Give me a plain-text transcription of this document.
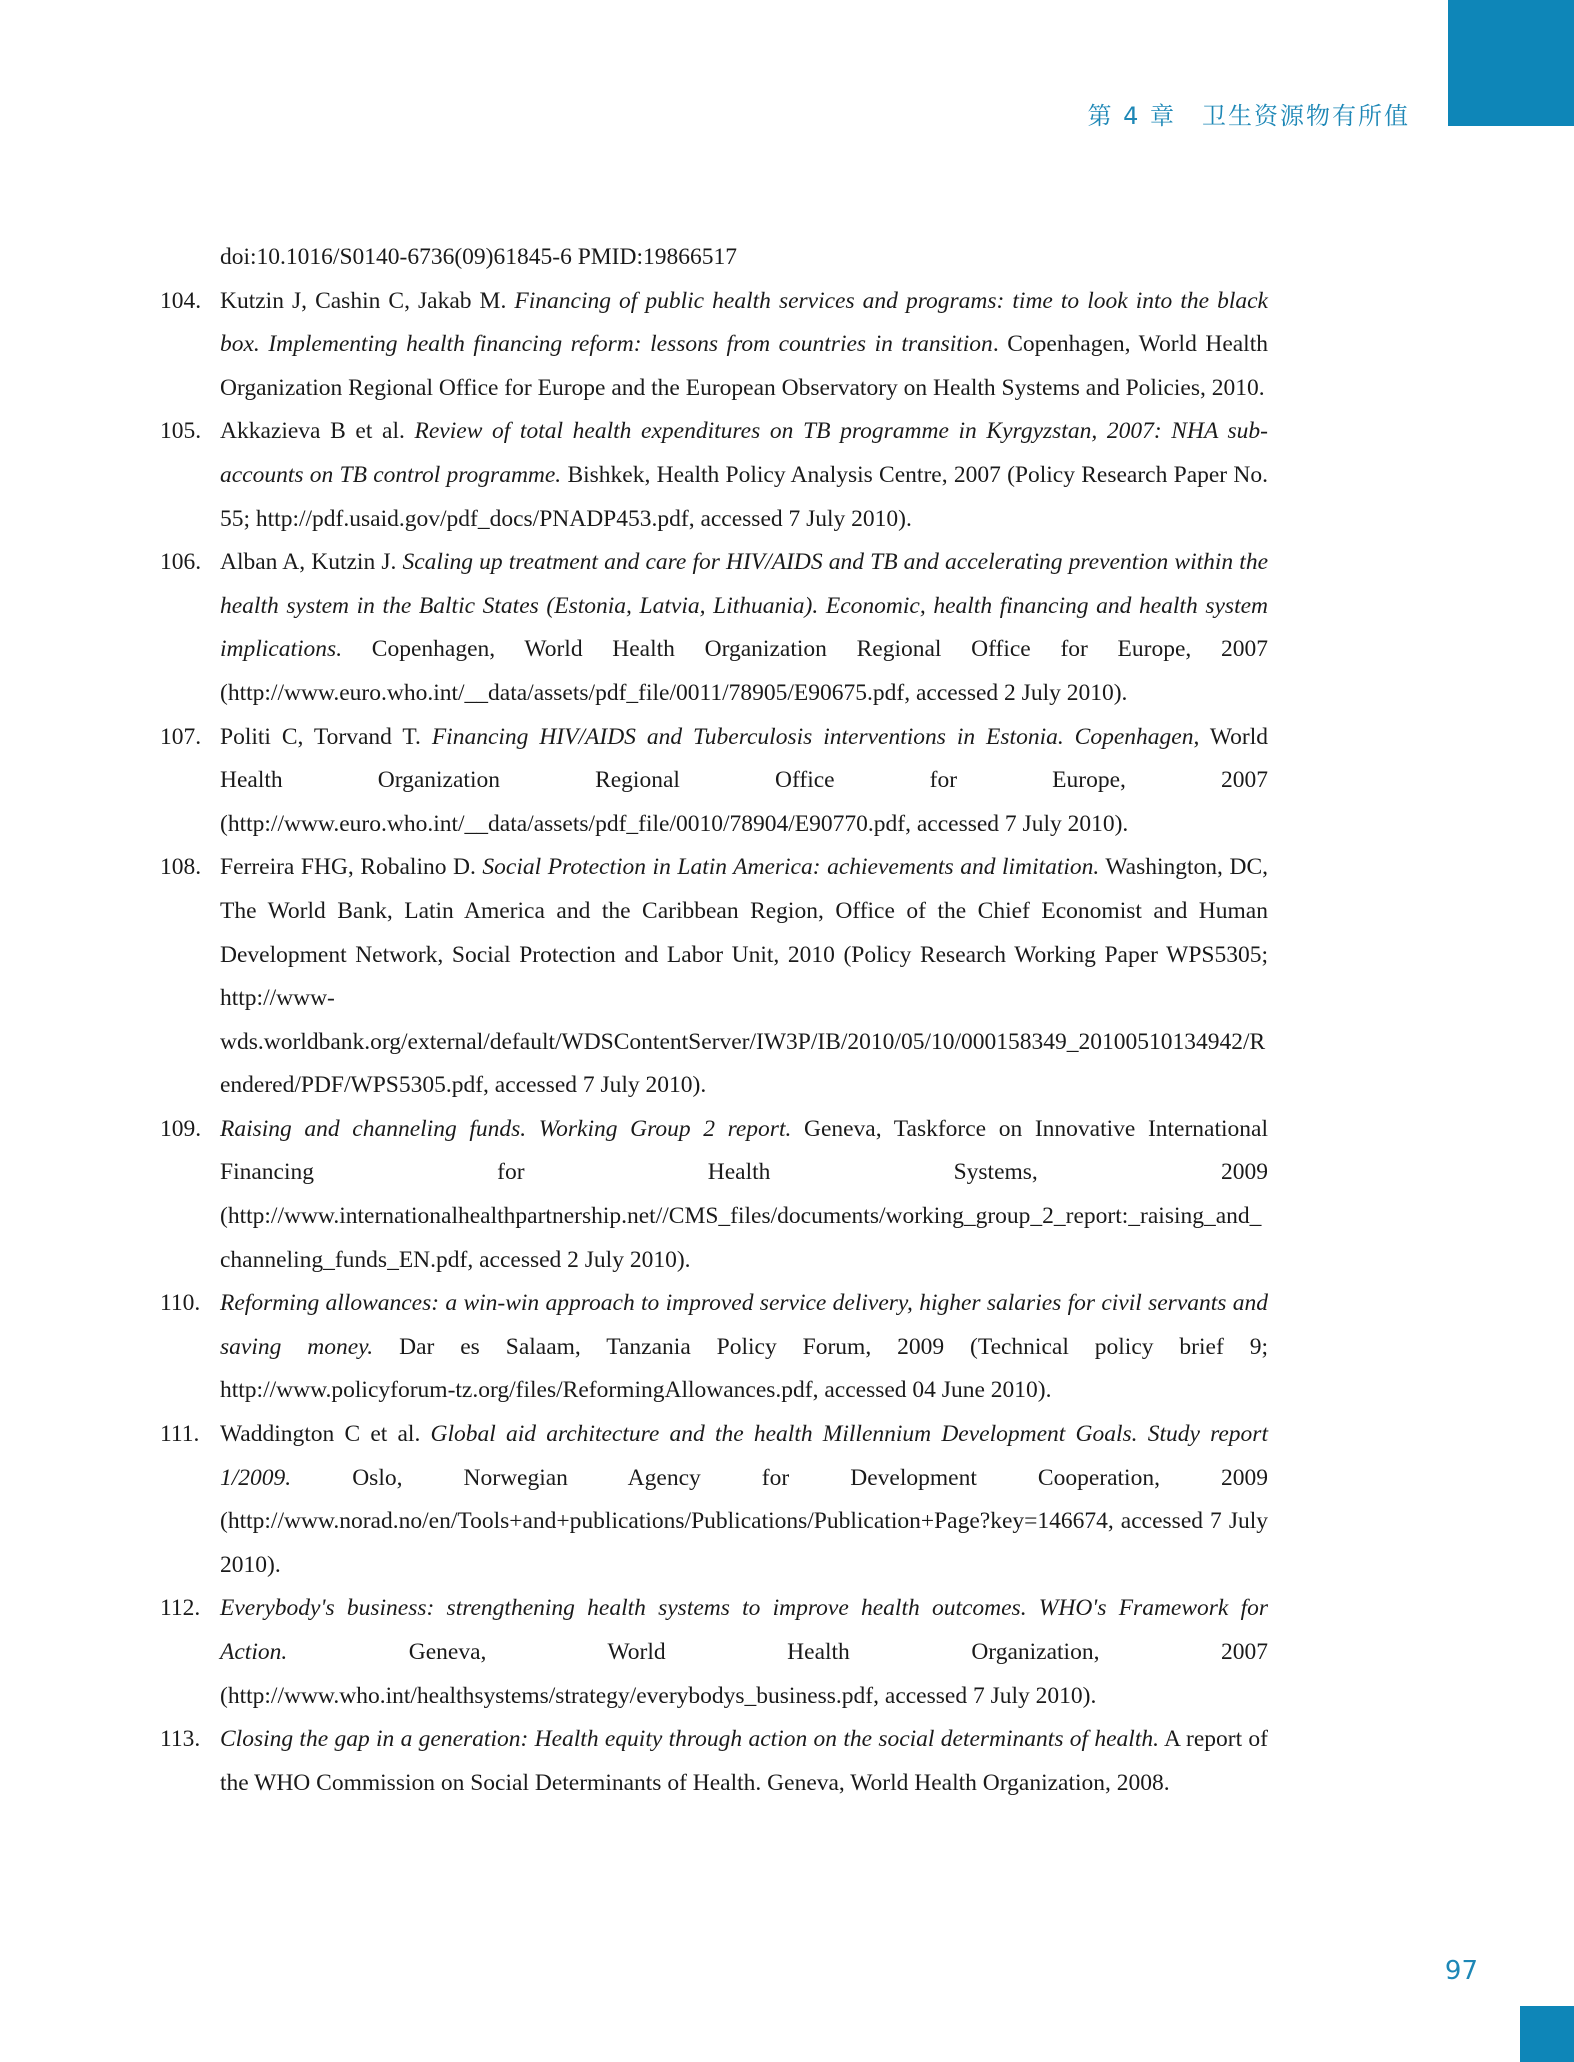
第 4 章 卫生资源物有所值

doi:10.1016/S0140-6736(09)61845-6 PMID:19866517

104. Kutzin J, Cashin C, Jakab M. Financing of public health services and programs: time to look into the black box. Implementing health financing reform: lessons from countries in transition. Copenhagen, World Health Organization Regional Office for Europe and the European Observatory on Health Systems and Policies, 2010.

105. Akkazieva B et al. Review of total health expenditures on TB programme in Kyrgyzstan, 2007: NHA sub-accounts on TB control programme. Bishkek, Health Policy Analysis Centre, 2007 (Policy Research Paper No. 55; http://pdf.usaid.gov/pdf_docs/PNADP453.pdf, accessed 7 July 2010).

106. Alban A, Kutzin J. Scaling up treatment and care for HIV/AIDS and TB and accelerating prevention within the health system in the Baltic States (Estonia, Latvia, Lithuania). Economic, health financing and health system implications. Copenhagen, World Health Organization Regional Office for Europe, 2007 (http://www.euro.who.int/__data/assets/pdf_file/0011/78905/E90675.pdf, accessed 2 July 2010).

107. Politi C, Torvand T. Financing HIV/AIDS and Tuberculosis interventions in Estonia. Copenhagen, World Health Organization Regional Office for Europe, 2007 (http://www.euro.who.int/__data/assets/pdf_file/0010/78904/E90770.pdf, accessed 7 July 2010).

108. Ferreira FHG, Robalino D. Social Protection in Latin America: achievements and limitation. Washington, DC, The World Bank, Latin America and the Caribbean Region, Office of the Chief Economist and Human Development Network, Social Protection and Labor Unit, 2010 (Policy Research Working Paper WPS5305; http://www-wds.worldbank.org/external/default/WDSContentServer/IW3P/IB/2010/05/10/000158349_20100510134942/Rendered/PDF/WPS5305.pdf, accessed 7 July 2010).

109. Raising and channeling funds. Working Group 2 report. Geneva, Taskforce on Innovative International Financing for Health Systems, 2009 (http://www.internationalhealthpartnership.net//CMS_files/documents/working_group_2_report:_raising_and_channeling_funds_EN.pdf, accessed 2 July 2010).

110. Reforming allowances: a win-win approach to improved service delivery, higher salaries for civil servants and saving money. Dar es Salaam, Tanzania Policy Forum, 2009 (Technical policy brief 9; http://www.policyforum-tz.org/files/ReformingAllowances.pdf, accessed 04 June 2010).

111. Waddington C et al. Global aid architecture and the health Millennium Development Goals. Study report 1/2009. Oslo, Norwegian Agency for Development Cooperation, 2009 (http://www.norad.no/en/Tools+and+publications/Publications/Publication+Page?key=146674, accessed 7 July 2010).

112. Everybody's business: strengthening health systems to improve health outcomes. WHO's Framework for Action. Geneva, World Health Organization, 2007 (http://www.who.int/healthsystems/strategy/everybodys_business.pdf, accessed 7 July 2010).

113. Closing the gap in a generation: Health equity through action on the social determinants of health. A report of the WHO Commission on Social Determinants of Health. Geneva, World Health Organization, 2008.

97
